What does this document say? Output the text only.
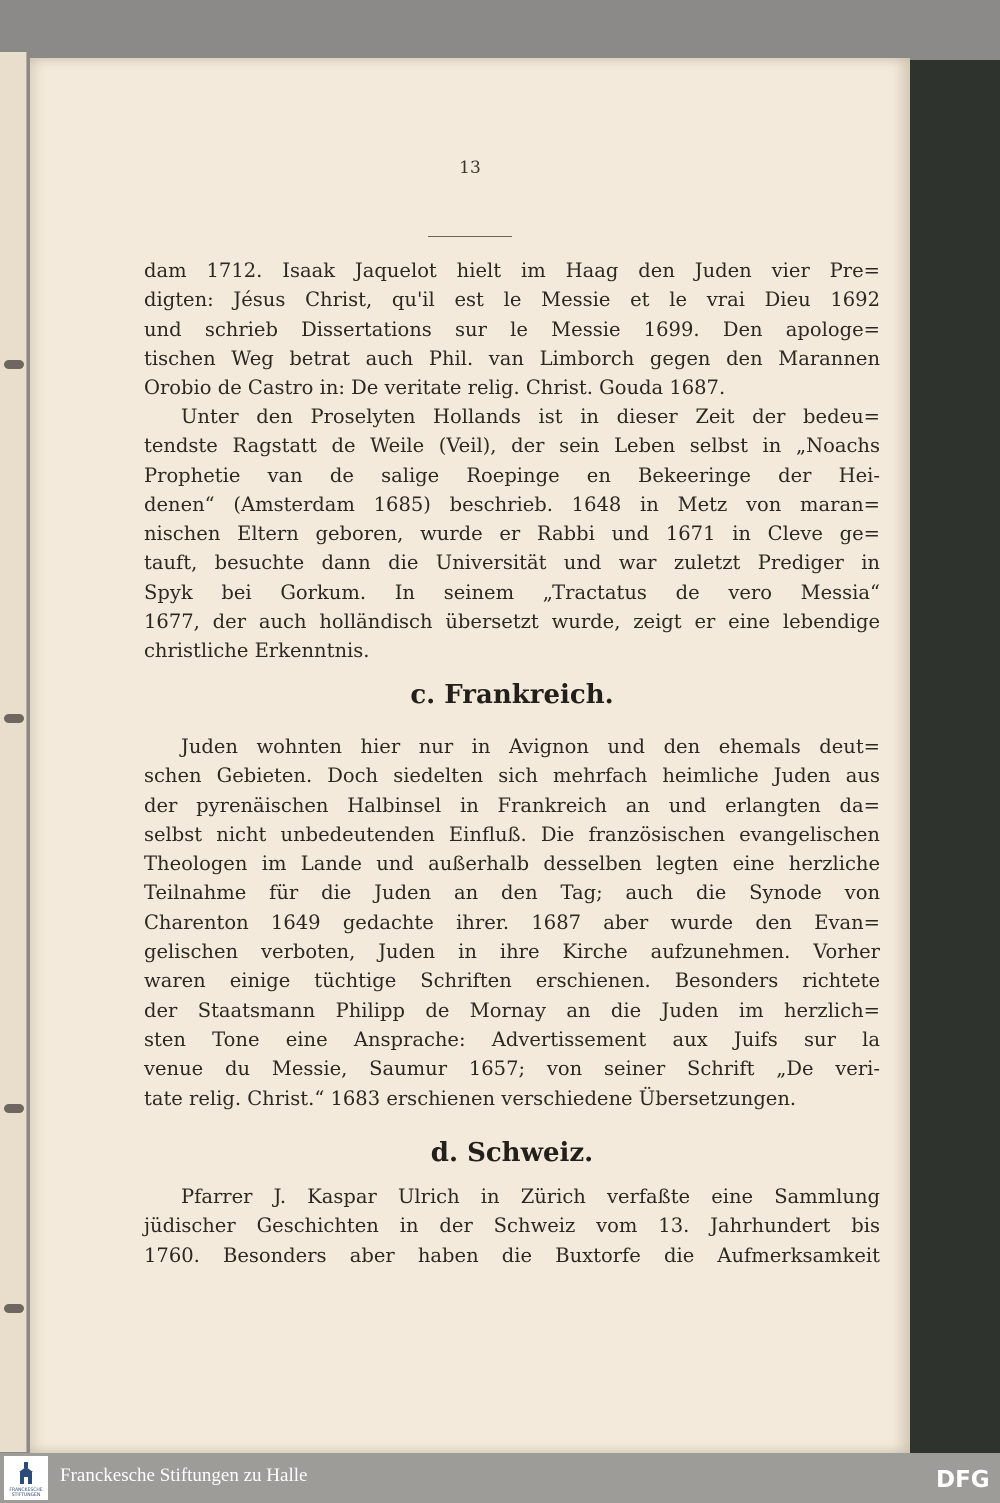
13
dam 1712. Isaak Jaquelot hielt im Haag den Juden vier Pre=
digten: Jésus Christ, qu'il est le Messie et le vrai Dieu 1692
und schrieb Dissertations sur le Messie 1699. Den apologe=
tischen Weg betrat auch Phil. van Limborch gegen den Marannen
Orobio de Castro in: De veritate relig. Christ. Gouda 1687.
Unter den Proselyten Hollands ist in dieser Zeit der bedeu=
tendste Ragstatt de Weile (Veil), der sein Leben selbst in „Noachs
Prophetie van de salige Roepinge en Bekeeringe der Hei-
denen“ (Amsterdam 1685) beschrieb. 1648 in Metz von maran=
nischen Eltern geboren, wurde er Rabbi und 1671 in Cleve ge=
tauft, besuchte dann die Universität und war zuletzt Prediger in
Spyk bei Gorkum. In seinem „Tractatus de vero Messia“
1677, der auch holländisch übersetzt wurde, zeigt er eine lebendige
christliche Erkenntnis.
c. Frankreich.
Juden wohnten hier nur in Avignon und den ehemals deut=
schen Gebieten. Doch siedelten sich mehrfach heimliche Juden aus
der pyrenäischen Halbinsel in Frankreich an und erlangten da=
selbst nicht unbedeutenden Einfluß. Die französischen evangelischen
Theologen im Lande und außerhalb desselben legten eine herzliche
Teilnahme für die Juden an den Tag; auch die Synode von
Charenton 1649 gedachte ihrer. 1687 aber wurde den Evan=
gelischen verboten, Juden in ihre Kirche aufzunehmen. Vorher
waren einige tüchtige Schriften erschienen. Besonders richtete
der Staatsmann Philipp de Mornay an die Juden im herzlich=
sten Tone eine Ansprache: Advertissement aux Juifs sur la
venue du Messie, Saumur 1657; von seiner Schrift „De veri-
tate relig. Christ.“ 1683 erschienen verschiedene Übersetzungen.
d. Schweiz.
Pfarrer J. Kaspar Ulrich in Zürich verfaßte eine Sammlung
jüdischer Geschichten in der Schweiz vom 13. Jahrhundert bis
1760. Besonders aber haben die Buxtorfe die Aufmerksamkeit
FRANCKESCHE
STIFTUNGEN
Franckesche Stiftungen zu Halle	DFG
